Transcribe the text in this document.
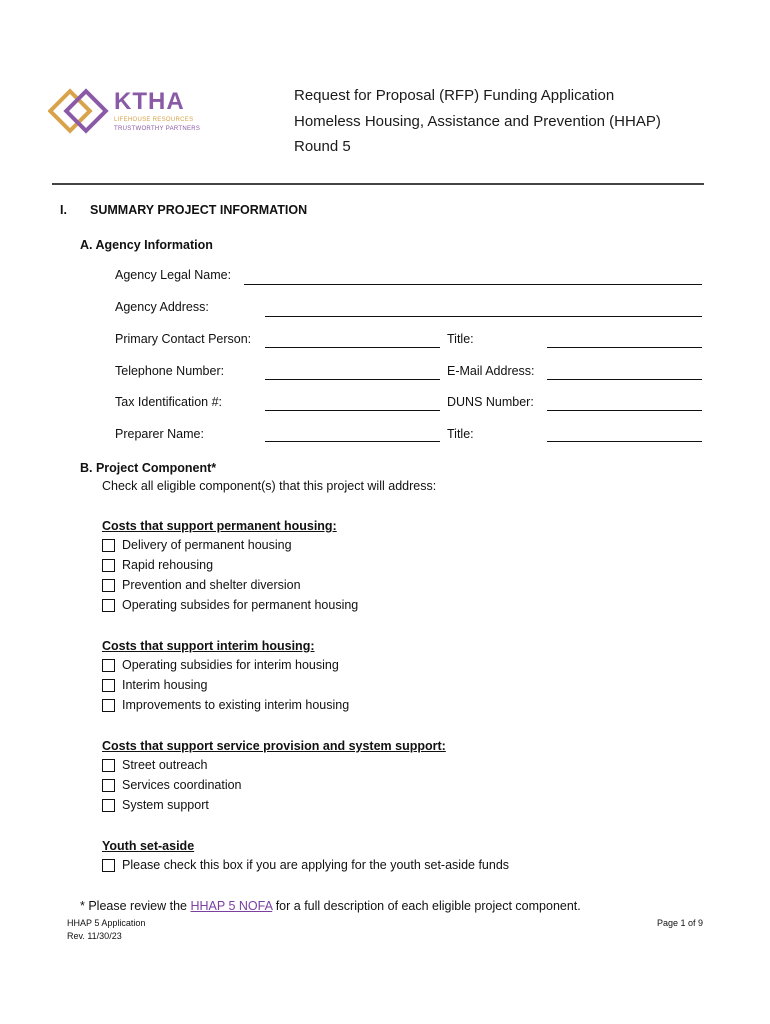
KTHA
LIFEHOUSE RESOURCES
TRUSTWORTHY PARTNERS
Request for Proposal (RFP) Funding Application
Homeless Housing, Assistance and Prevention (HHAP)
Round 5
I. SUMMARY PROJECT INFORMATION
A. Agency Information
Agency Legal Name:
Agency Address:
Primary Contact Person:	Title:
Telephone Number:	E-Mail Address:
Tax Identification #:	DUNS Number:
Preparer Name:	Title:
B. Project Component*
Check all eligible component(s) that this project will address:
Costs that support permanent housing:
Delivery of permanent housing
Rapid rehousing
Prevention and shelter diversion
Operating subsides for permanent housing
Costs that support interim housing:
Operating subsidies for interim housing
Interim housing
Improvements to existing interim housing
Costs that support service provision and system support:
Street outreach
Services coordination
System support
Youth set-aside
Please check this box if you are applying for the youth set-aside funds
* Please review the HHAP 5 NOFA for a full description of each eligible project component.
HHAP 5 Application
Rev. 11/30/23
Page 1 of 9
